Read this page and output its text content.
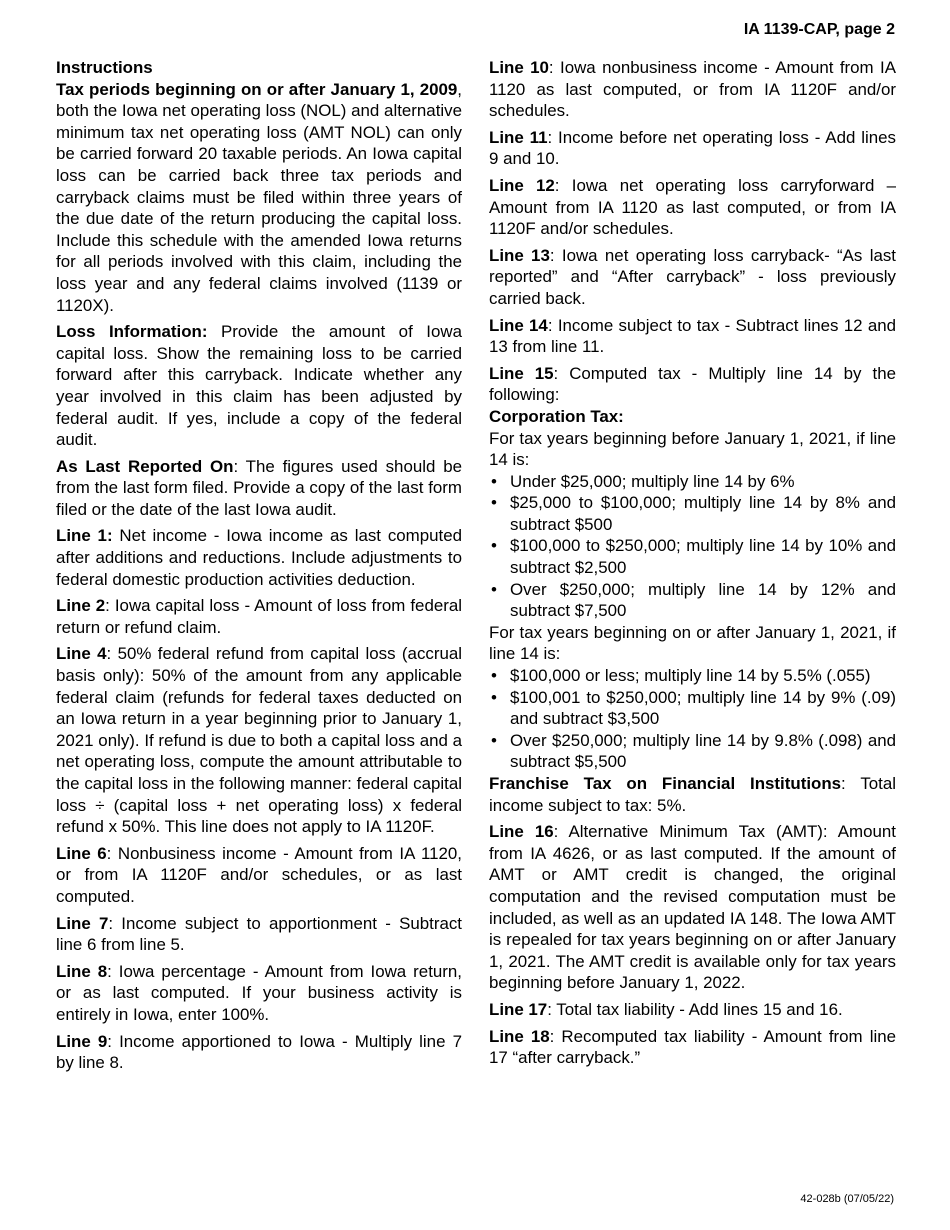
IA 1139-CAP, page 2

Instructions

Tax periods beginning on or after January 1, 2009, both the Iowa net operating loss (NOL) and alternative minimum tax net operating loss (AMT NOL) can only be carried forward 20 taxable periods. An Iowa capital loss can be carried back three tax periods and carryback claims must be filed within three years of the due date of the return producing the capital loss. Include this schedule with the amended Iowa returns for all periods involved with this claim, including the loss year and any federal claims involved (1139 or 1120X).

Loss Information: Provide the amount of Iowa capital loss. Show the remaining loss to be carried forward after this carryback. Indicate whether any year involved in this claim has been adjusted by federal audit. If yes, include a copy of the federal audit.

As Last Reported On: The figures used should be from the last form filed. Provide a copy of the last form filed or the date of the last Iowa audit.

Line 1: Net income - Iowa income as last computed after additions and reductions. Include adjustments to federal domestic production activities deduction.

Line 2: Iowa capital loss - Amount of loss from federal return or refund claim.

Line 4: 50% federal refund from capital loss (accrual basis only): 50% of the amount from any applicable federal claim (refunds for federal taxes deducted on an Iowa return in a year beginning prior to January 1, 2021 only). If refund is due to both a capital loss and a net operating loss, compute the amount attributable to the capital loss in the following manner: federal capital loss ÷ (capital loss + net operating loss) x federal refund x 50%. This line does not apply to IA 1120F.

Line 6: Nonbusiness income - Amount from IA 1120, or from IA 1120F and/or schedules, or as last computed.

Line 7: Income subject to apportionment - Subtract line 6 from line 5.

Line 8: Iowa percentage - Amount from Iowa return, or as last computed. If your business activity is entirely in Iowa, enter 100%.

Line 9: Income apportioned to Iowa - Multiply line 7 by line 8.

Line 10: Iowa nonbusiness income - Amount from IA 1120 as last computed, or from IA 1120F and/or schedules.

Line 11: Income before net operating loss - Add lines 9 and 10.

Line 12: Iowa net operating loss carryforward – Amount from IA 1120 as last computed, or from IA 1120F and/or schedules.

Line 13: Iowa net operating loss carryback- “As last reported” and “After carryback” - loss previously carried back.

Line 14: Income subject to tax - Subtract lines 12 and 13 from line 11.

Line 15: Computed tax - Multiply line 14 by the following:

Corporation Tax:

For tax years beginning before January 1, 2021, if line 14 is:

• Under $25,000; multiply line 14 by 6%
• $25,000 to $100,000; multiply line 14 by 8% and subtract $500
• $100,000 to $250,000; multiply line 14 by 10% and subtract $2,500
• Over $250,000; multiply line 14 by 12% and subtract $7,500

For tax years beginning on or after January 1, 2021, if line 14 is:

• $100,000 or less; multiply line 14 by 5.5% (.055)
• $100,001 to $250,000; multiply line 14 by 9% (.09) and subtract $3,500
• Over $250,000; multiply line 14 by 9.8% (.098) and subtract $5,500

Franchise Tax on Financial Institutions: Total income subject to tax: 5%.

Line 16: Alternative Minimum Tax (AMT): Amount from IA 4626, or as last computed. If the amount of AMT or AMT credit is changed, the original computation and the revised computation must be included, as well as an updated IA 148. The Iowa AMT is repealed for tax years beginning on or after January 1, 2021. The AMT credit is available only for tax years beginning before January 1, 2022.

Line 17: Total tax liability - Add lines 15 and 16.

Line 18: Recomputed tax liability - Amount from line 17 “after carryback.”

42-028b (07/05/22)
